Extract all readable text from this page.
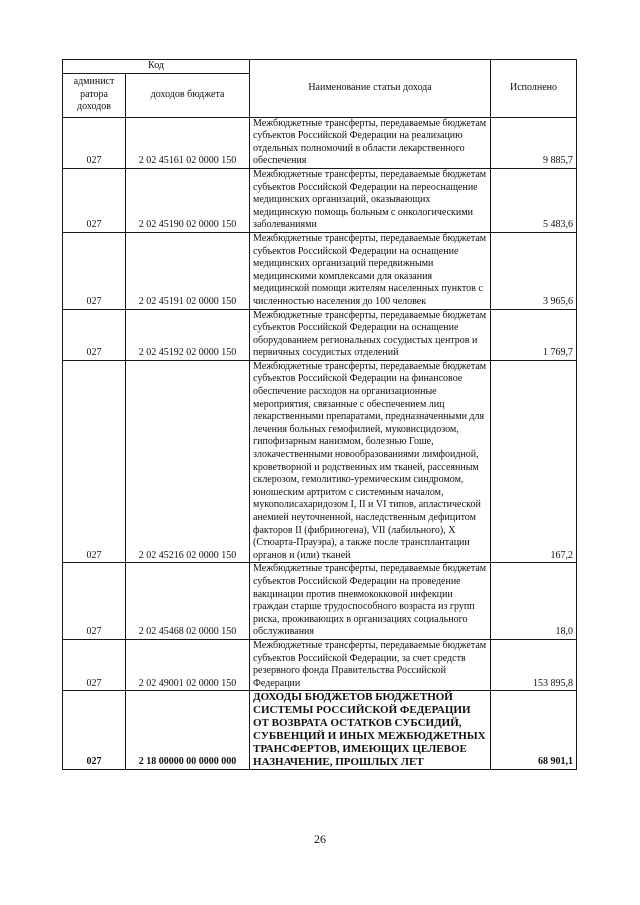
Код		Наименование статьи дохода	Исполнено
админист
ратора
доходов	доходов бюджета		
027	2 02 45161 02 0000 150	Межбюджетные трансферты, передаваемые бюджетам субъектов Российской Федерации на реализацию отдельных полномочий в области лекарственного обеспечения	9 885,7
027	2 02 45190 02 0000 150	Межбюджетные трансферты, передаваемые бюджетам субъектов Российской Федерации на переоснащение медицинских организаций, оказывающих медицинскую помощь больным с онкологическими заболеваниями	5 483,6
027	2 02 45191 02 0000 150	Межбюджетные трансферты, передаваемые бюджетам субъектов Российской Федерации на оснащение медицинских организаций передвижными медицинскими комплексами для оказания медицинской помощи жителям населенных пунктов с численностью населения до 100 человек	3 965,6
027	2 02 45192 02 0000 150	Межбюджетные трансферты, передаваемые бюджетам субъектов Российской Федерации на оснащение оборудованием региональных сосудистых центров и первичных сосудистых отделений	1 769,7
027	2 02 45216 02 0000 150	Межбюджетные трансферты, передаваемые бюджетам субъектов Российской Федерации на финансовое обеспечение расходов на организационные мероприятия, связанные с обеспечением лиц лекарственными препаратами, предназначенными для лечения больных гемофилией, муковисцидозом, гипофизарным нанизмом, болезнью Гоше, злокачественными новообразованиями лимфоидной, кроветворной и родственных им тканей, рассеянным склерозом, гемолитико-уремическим синдромом, юношеским артритом с системным началом, мукополисахаридозом I, II и VI типов, апластической анемией неуточненной, наследственным дефицитом факторов II (фибриногена), VII (лабильного), X (Стюарта-Прауэра), а также после трансплантации органов и (или) тканей	167,2
027	2 02 45468 02 0000 150	Межбюджетные трансферты, передаваемые бюджетам субъектов Российской Федерации на проведение вакцинации против пневмококковой инфекции граждан старше трудоспособного возраста из групп риска, проживающих в организациях социального обслуживания	18,0
027	2 02 49001 02 0000 150	Межбюджетные трансферты, передаваемые бюджетам субъектов Российской Федерации, за счет средств резервного фонда Правительства Российской Федерации	153 895,8
027	2 18 00000 00 0000 000	ДОХОДЫ БЮДЖЕТОВ БЮДЖЕТНОЙ СИСТЕМЫ РОССИЙСКОЙ ФЕДЕРАЦИИ ОТ ВОЗВРАТА ОСТАТКОВ СУБСИДИЙ, СУБВЕНЦИЙ И ИНЫХ МЕЖБЮДЖЕТНЫХ ТРАНСФЕРТОВ, ИМЕЮЩИХ ЦЕЛЕВОЕ НАЗНАЧЕНИЕ, ПРОШЛЫХ ЛЕТ	68 901,1
26
